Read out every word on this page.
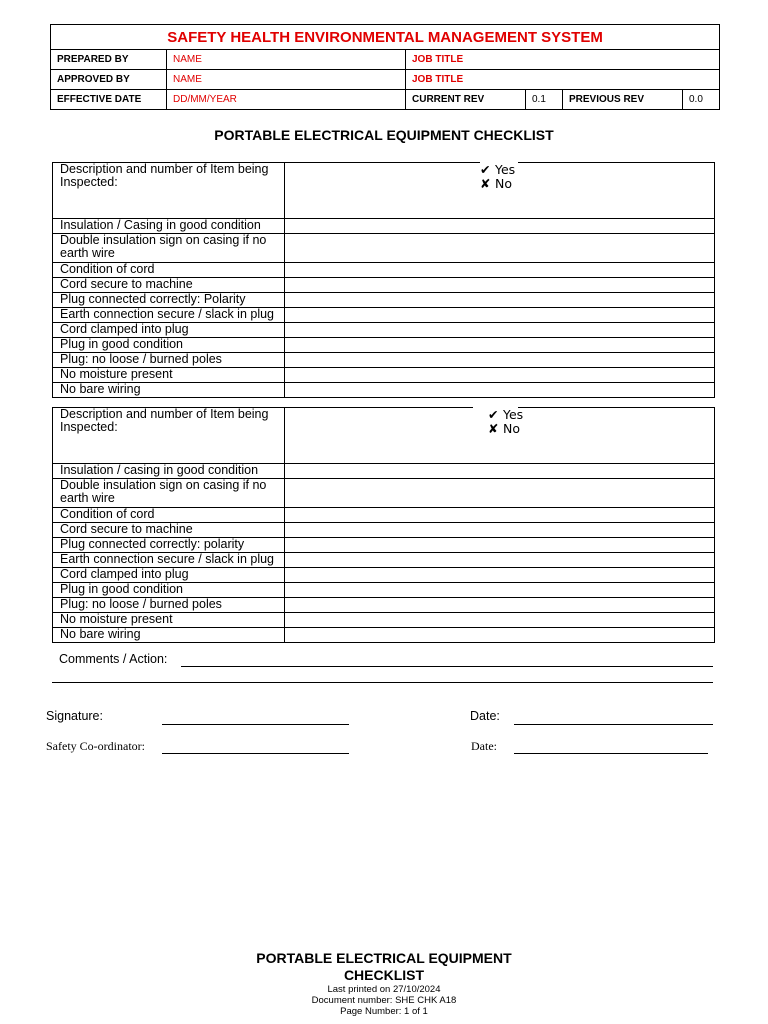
SAFETY HEALTH ENVIRONMENTAL MANAGEMENT SYSTEM					
PREPARED BY	NAME	JOB TITLE			
APPROVED BY	NAME	JOB TITLE			
EFFECTIVE DATE	DD/MM/YEAR	CURRENT REV	0.1	PREVIOUS REV	0.0
PORTABLE ELECTRICAL EQUIPMENT CHECKLIST
Description and number of Item being Inspected:	✔ Yes
✘ No

Insulation / Casing in good condition	
Double insulation sign on casing if no earth wire	
Condition of cord	
Cord secure to machine	
Plug connected correctly: Polarity	
Earth connection secure / slack in plug	
Cord clamped into plug	
Plug in good condition	
Plug: no loose / burned poles	
No moisture present	
No bare wiring	
Description and number of Item being Inspected:	✔ Yes
✘ No

Insulation / casing in good condition	
Double insulation sign on casing if no earth wire	
Condition of cord	
Cord secure to machine	
Plug connected correctly: polarity	
Earth connection secure / slack in plug	
Cord clamped into plug	
Plug in good condition	
Plug: no loose / burned poles	
No moisture present	
No bare wiring	
Comments / Action:
Signature:	Date:
Safety Co-ordinator:	Date:
PORTABLE ELECTRICAL EQUIPMENT CHECKLIST
Last printed on 27/10/2024
Document number: SHE CHK A18
Page Number: 1 of 1
